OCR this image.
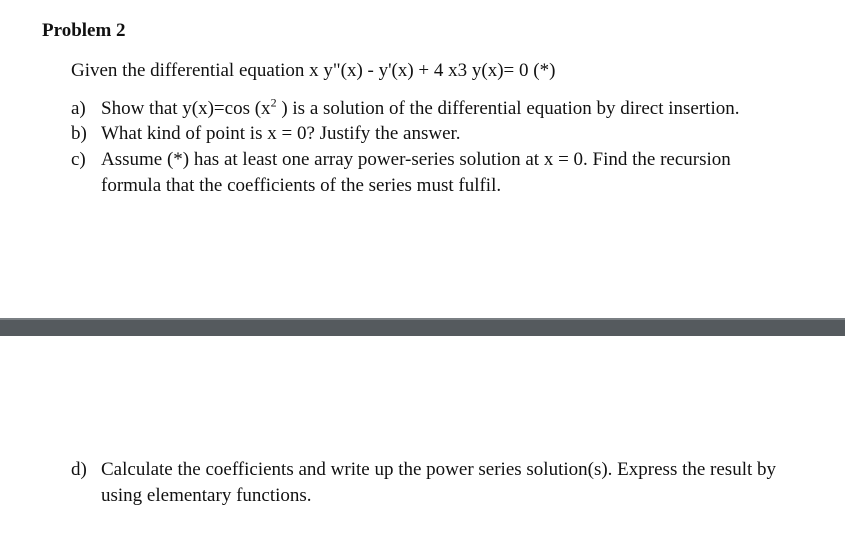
Problem 2
Given the differential equation x y"(x) - y'(x) + 4 x3 y(x)= 0 (*)
a) Show that y(x)=cos ($x^2$ ) is a solution of the differential equation by direct insertion.
b) What kind of point is x = 0? Justify the answer.
c) Assume (*) has at least one array power-series solution at x = 0. Find the recursion formula that the coefficients of the series must fulfil.
d) Calculate the coefficients and write up the power series solution(s). Express the result by using elementary functions.
